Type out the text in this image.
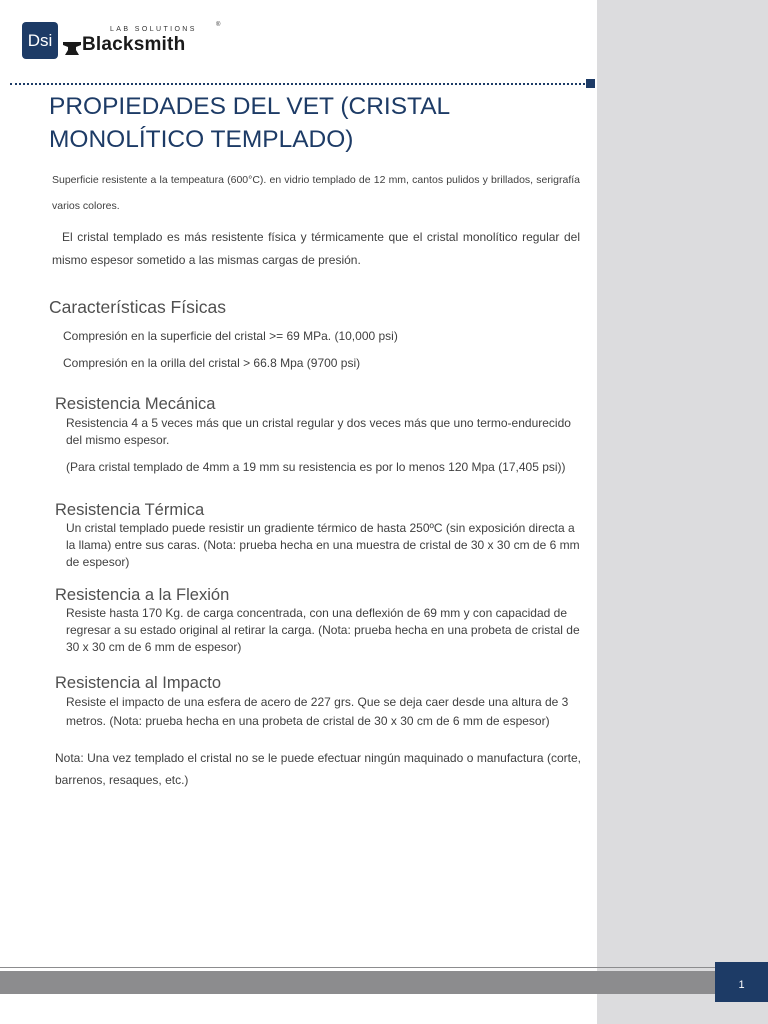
Dsi
LAB SOLUTIONS
®
Blacksmith
PROPIEDADES DEL VET (CRISTAL MONOLÍTICO TEMPLADO)

Superficie resistente a la tempeatura (600°C). en vidrio templado de 12 mm, cantos pulidos y brillados, serigrafía varios colores.

El cristal templado es más resistente física y térmicamente que el cristal monolítico regular del mismo espesor sometido a las mismas cargas de presión.

Características Físicas

Compresión en la superficie del cristal >= 69 MPa. (10,000 psi)

Compresión en la orilla del cristal > 66.8 Mpa (9700 psi)

Resistencia Mecánica

Resistencia 4 a 5 veces más que un cristal regular y dos veces más que uno termo-endurecido del mismo espesor.

(Para cristal templado de 4mm a 19 mm su resistencia es por lo menos 120 Mpa (17,405 psi))

Resistencia Térmica

Un cristal templado puede resistir un gradiente térmico de hasta 250ºC (sin exposición directa a la llama) entre sus caras. (Nota: prueba hecha en una muestra de cristal de 30 x 30 cm de 6 mm de espesor)

Resistencia a la Flexión

Resiste hasta 170 Kg. de carga concentrada, con una deflexión de 69 mm y con capacidad de regresar a su estado original al retirar la carga. (Nota: prueba hecha en una probeta de cristal de 30 x 30 cm de 6 mm de espesor)

Resistencia al Impacto

Resiste el impacto de una esfera de acero de 227 grs. Que se deja caer desde una altura de 3 metros. (Nota: prueba hecha en una probeta de cristal de 30 x 30 cm de 6 mm de espesor)

Nota: Una vez templado el cristal no se le puede efectuar ningún maquinado o manufactura (corte, barrenos, resaques, etc.)

1
